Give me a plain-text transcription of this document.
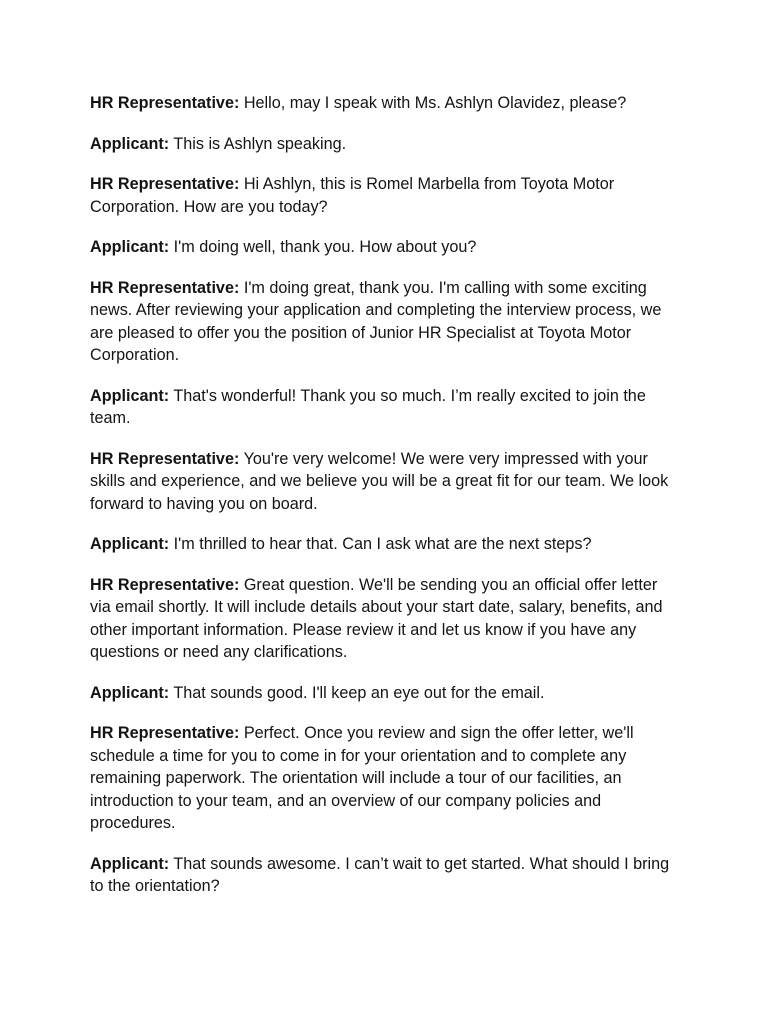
HR Representative: Hello, may I speak with Ms. Ashlyn Olavidez, please?

Applicant: This is Ashlyn speaking.

HR Representative: Hi Ashlyn, this is Romel Marbella from Toyota Motor Corporation. How are you today?

Applicant: I'm doing well, thank you. How about you?

HR Representative: I'm doing great, thank you. I'm calling with some exciting news. After reviewing your application and completing the interview process, we are pleased to offer you the position of Junior HR Specialist at Toyota Motor Corporation.

Applicant: That's wonderful! Thank you so much. I’m really excited to join the team.

HR Representative: You're very welcome! We were very impressed with your skills and experience, and we believe you will be a great fit for our team. We look forward to having you on board.

Applicant: I'm thrilled to hear that. Can I ask what are the next steps?

HR Representative: Great question. We'll be sending you an official offer letter via email shortly. It will include details about your start date, salary, benefits, and other important information. Please review it and let us know if you have any questions or need any clarifications.

Applicant: That sounds good. I'll keep an eye out for the email.

HR Representative: Perfect. Once you review and sign the offer letter, we'll schedule a time for you to come in for your orientation and to complete any remaining paperwork. The orientation will include a tour of our facilities, an introduction to your team, and an overview of our company policies and procedures.

Applicant: That sounds awesome. I can’t wait to get started. What should I bring to the orientation?
